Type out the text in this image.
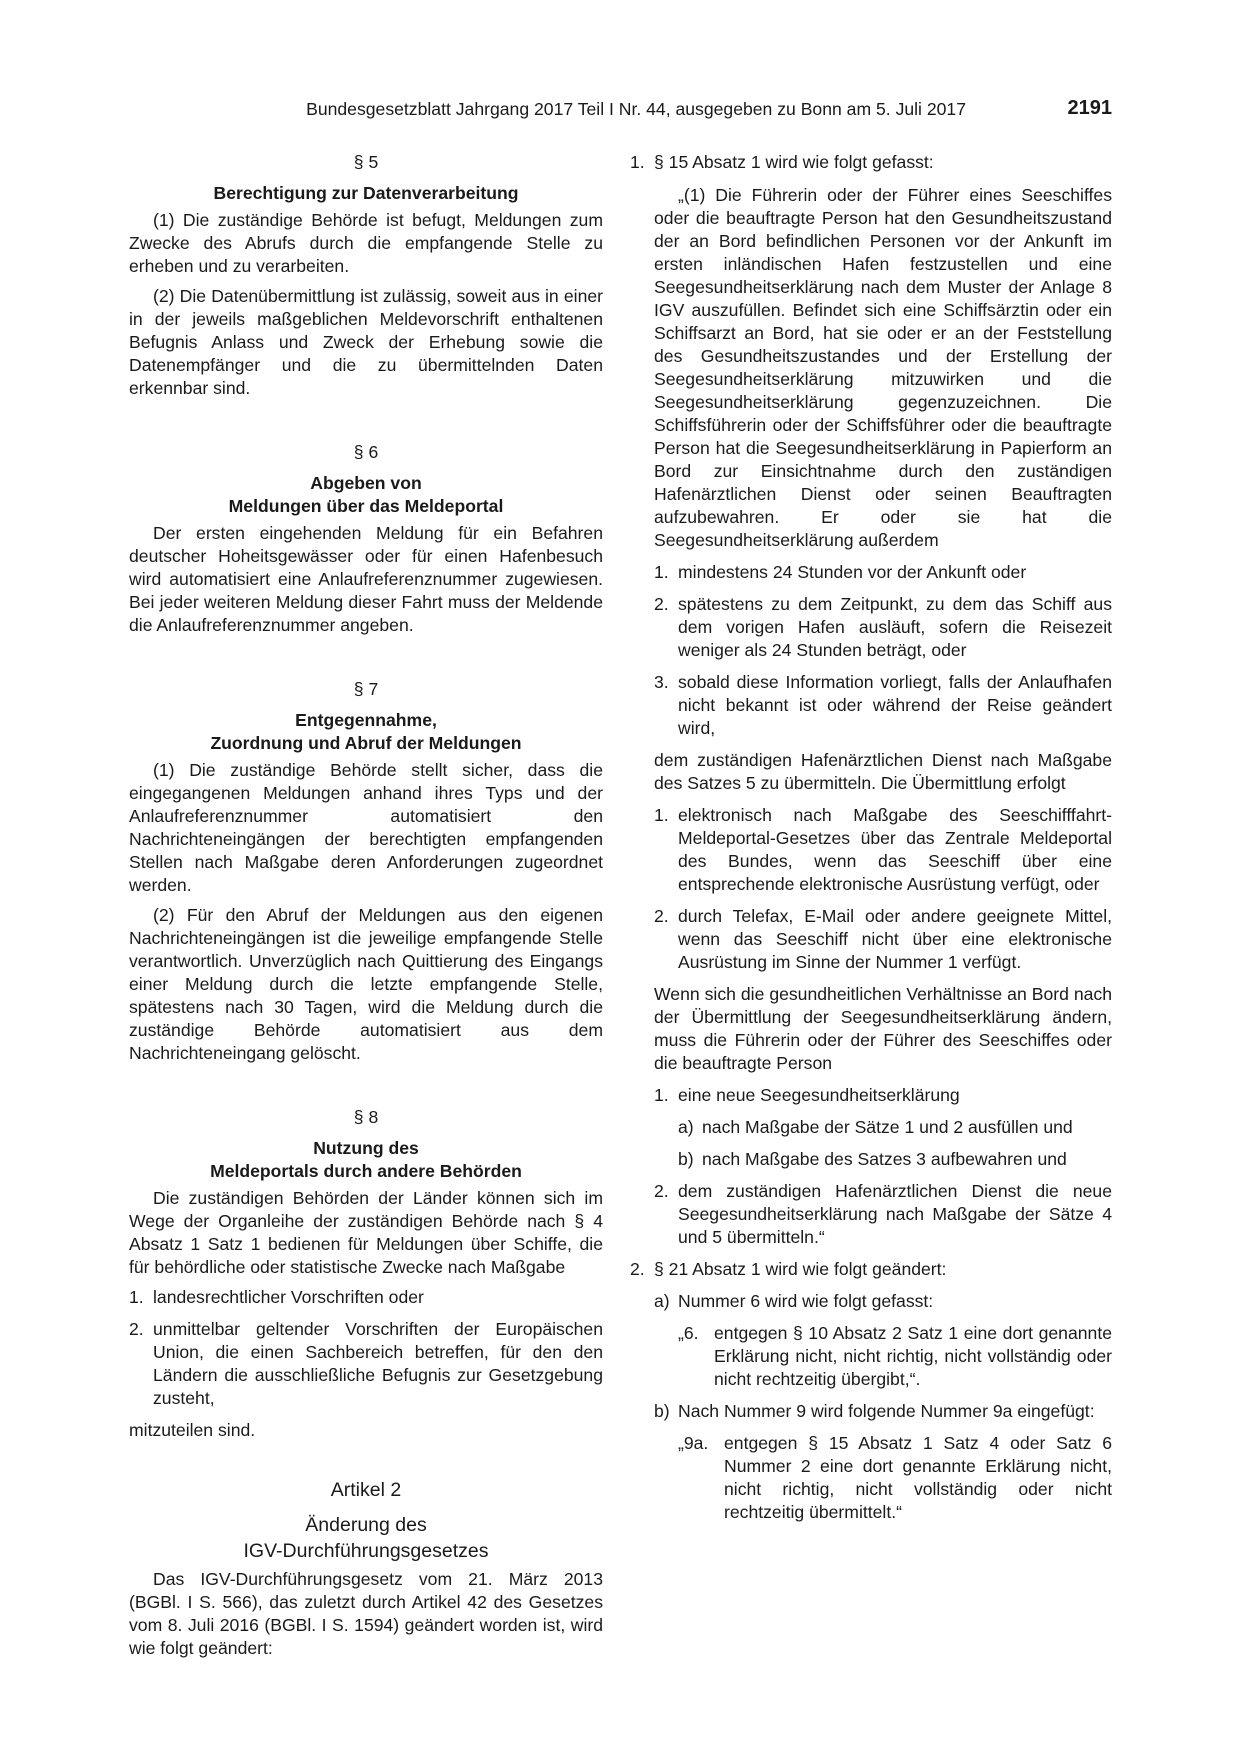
Bundesgesetzblatt Jahrgang 2017 Teil I Nr. 44, ausgegeben zu Bonn am 5. Juli 2017	2191

§ 5

Berechtigung zur Datenverarbeitung

(1) Die zuständige Behörde ist befugt, Meldungen zum Zwecke des Abrufs durch die empfangende Stelle zu erheben und zu verarbeiten.

(2) Die Datenübermittlung ist zulässig, soweit aus in einer in der jeweils maßgeblichen Meldevorschrift enthaltenen Befugnis Anlass und Zweck der Erhebung sowie die Datenempfänger und die zu übermittelnden Daten erkennbar sind.

§ 6

Abgeben von
Meldungen über das Meldeportal

Der ersten eingehenden Meldung für ein Befahren deutscher Hoheitsgewässer oder für einen Hafenbesuch wird automatisiert eine Anlaufreferenznummer zugewiesen. Bei jeder weiteren Meldung dieser Fahrt muss der Meldende die Anlaufreferenznummer angeben.

§ 7

Entgegennahme,
Zuordnung und Abruf der Meldungen

(1) Die zuständige Behörde stellt sicher, dass die eingegangenen Meldungen anhand ihres Typs und der Anlaufreferenznummer automatisiert den Nachrichteneingängen der berechtigten empfangenden Stellen nach Maßgabe deren Anforderungen zugeordnet werden.

(2) Für den Abruf der Meldungen aus den eigenen Nachrichteneingängen ist die jeweilige empfangende Stelle verantwortlich. Unverzüglich nach Quittierung des Eingangs einer Meldung durch die letzte empfangende Stelle, spätestens nach 30 Tagen, wird die Meldung durch die zuständige Behörde automatisiert aus dem Nachrichteneingang gelöscht.

§ 8

Nutzung des
Meldeportals durch andere Behörden

Die zuständigen Behörden der Länder können sich im Wege der Organleihe der zuständigen Behörde nach § 4 Absatz 1 Satz 1 bedienen für Meldungen über Schiffe, die für behördliche oder statistische Zwecke nach Maßgabe

1. landesrechtlicher Vorschriften oder
2. unmittelbar geltender Vorschriften der Europäischen Union, die einen Sachbereich betreffen, für den den Ländern die ausschließliche Befugnis zur Gesetzgebung zusteht,

mitzuteilen sind.

Artikel 2

Änderung des
IGV-Durchführungsgesetzes

Das IGV-Durchführungsgesetz vom 21. März 2013 (BGBl. I S. 566), das zuletzt durch Artikel 42 des Gesetzes vom 8. Juli 2016 (BGBl. I S. 1594) geändert worden ist, wird wie folgt geändert:

1. § 15 Absatz 1 wird wie folgt gefasst:

„(1) Die Führerin oder der Führer eines Seeschiffes oder die beauftragte Person hat den Gesundheitszustand der an Bord befindlichen Personen vor der Ankunft im ersten inländischen Hafen festzustellen und eine Seegesundheitserklärung nach dem Muster der Anlage 8 IGV auszufüllen. Befindet sich eine Schiffsärztin oder ein Schiffsarzt an Bord, hat sie oder er an der Feststellung des Gesundheitszustandes und der Erstellung der Seegesundheitserklärung mitzuwirken und die Seegesundheitserklärung gegenzuzeichnen. Die Schiffsführerin oder der Schiffsführer oder die beauftragte Person hat die Seegesundheitserklärung in Papierform an Bord zur Einsichtnahme durch den zuständigen Hafenärztlichen Dienst oder seinen Beauftragten aufzubewahren. Er oder sie hat die Seegesundheitserklärung außerdem

1. mindestens 24 Stunden vor der Ankunft oder
2. spätestens zu dem Zeitpunkt, zu dem das Schiff aus dem vorigen Hafen ausläuft, sofern die Reisezeit weniger als 24 Stunden beträgt, oder
3. sobald diese Information vorliegt, falls der Anlaufhafen nicht bekannt ist oder während der Reise geändert wird,

dem zuständigen Hafenärztlichen Dienst nach Maßgabe des Satzes 5 zu übermitteln. Die Übermittlung erfolgt

1. elektronisch nach Maßgabe des Seeschifffahrt-Meldeportal-Gesetzes über das Zentrale Meldeportal des Bundes, wenn das Seeschiff über eine entsprechende elektronische Ausrüstung verfügt, oder
2. durch Telefax, E-Mail oder andere geeignete Mittel, wenn das Seeschiff nicht über eine elektronische Ausrüstung im Sinne der Nummer 1 verfügt.

Wenn sich die gesundheitlichen Verhältnisse an Bord nach der Übermittlung der Seegesundheitserklärung ändern, muss die Führerin oder der Führer des Seeschiffes oder die beauftragte Person

1. eine neue Seegesundheitserklärung
a) nach Maßgabe der Sätze 1 und 2 ausfüllen und
b) nach Maßgabe des Satzes 3 aufbewahren und
2. dem zuständigen Hafenärztlichen Dienst die neue Seegesundheitserklärung nach Maßgabe der Sätze 4 und 5 übermitteln.“
2. § 21 Absatz 1 wird wie folgt geändert:
a) Nummer 6 wird wie folgt gefasst:
„6. entgegen § 10 Absatz 2 Satz 1 eine dort genannte Erklärung nicht, nicht richtig, nicht vollständig oder nicht rechtzeitig übergibt,“.
b) Nach Nummer 9 wird folgende Nummer 9a eingefügt:
„9a. entgegen § 15 Absatz 1 Satz 4 oder Satz 6 Nummer 2 eine dort genannte Erklärung nicht, nicht richtig, nicht vollständig oder nicht rechtzeitig übermittelt.“
